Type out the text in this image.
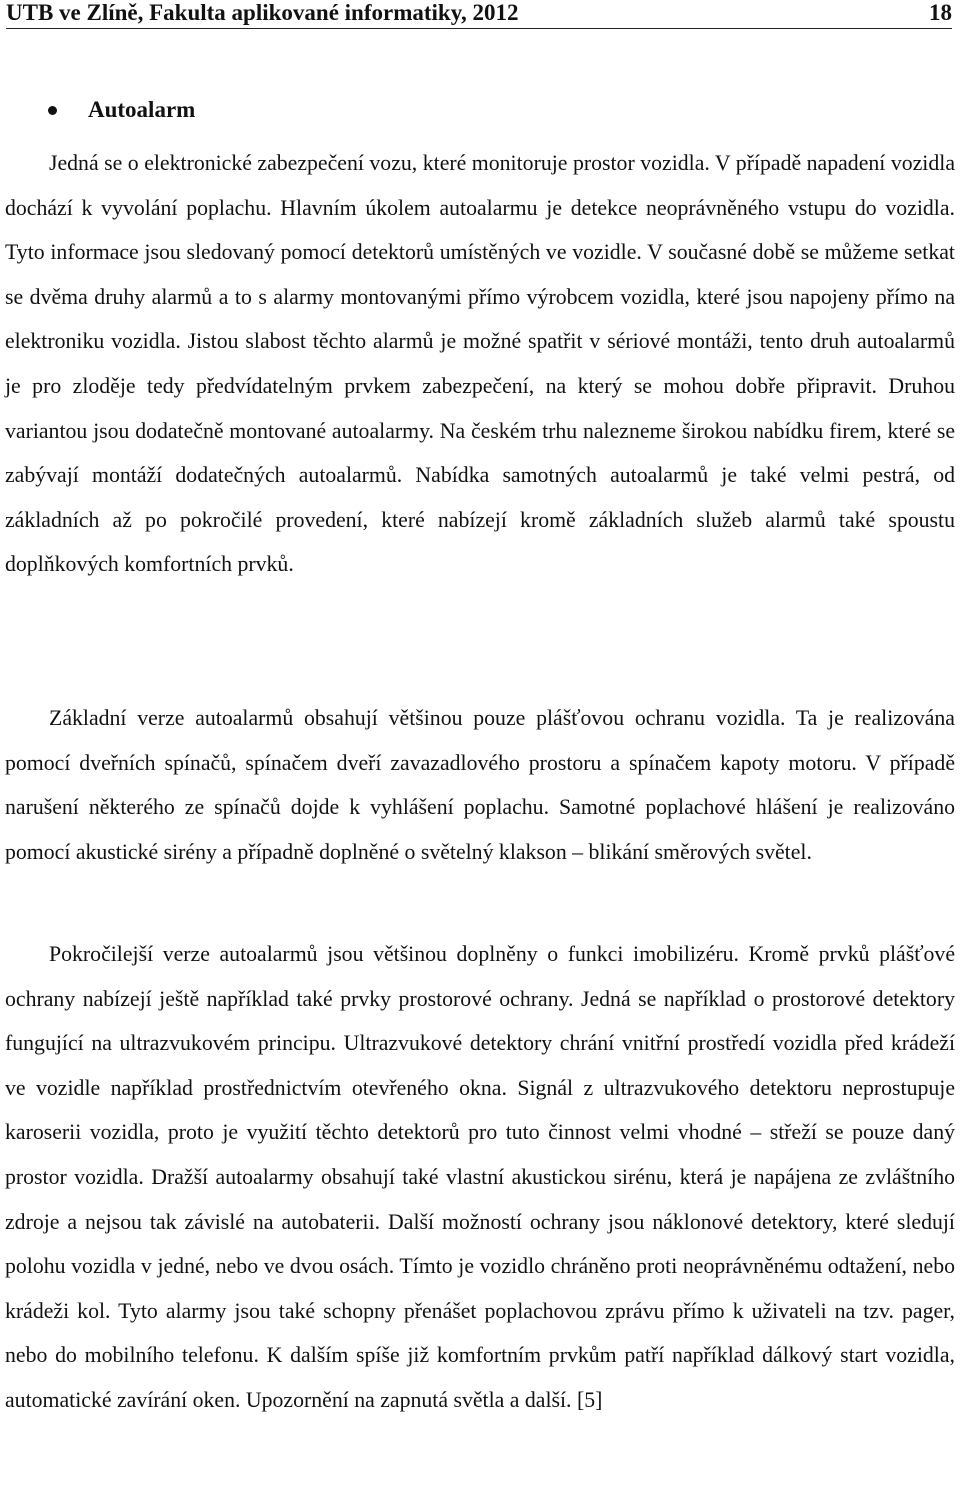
UTB ve Zlíně, Fakulta aplikované informatiky, 2012	18
Autoalarm

Jedná se o elektronické zabezpečení vozu, které monitoruje prostor vozidla. V případě napadení vozidla dochází k vyvolání poplachu. Hlavním úkolem autoalarmu je detekce neoprávněného vstupu do vozidla. Tyto informace jsou sledovaný pomocí detektorů umístěných ve vozidle. V současné době se můžeme setkat se dvěma druhy alarmů a to s alarmy montovanými přímo výrobcem vozidla, které jsou napojeny přímo na elektroniku vozidla. Jistou slabost těchto alarmů je možné spatřit v sériové montáži, tento druh autoalarmů je pro zloděje tedy předvídatelným prvkem zabezpečení, na který se mohou dobře připravit. Druhou variantou jsou dodatečně montované autoalarmy. Na českém trhu nalezneme širokou nabídku firem, které se zabývají montáží dodatečných autoalarmů. Nabídka samotných autoalarmů je také velmi pestrá, od základních až po pokročilé provedení, které nabízejí kromě základních služeb alarmů také spoustu doplňkových komfortních prvků.

Základní verze autoalarmů obsahují většinou pouze plášťovou ochranu vozidla. Ta je realizována pomocí dveřních spínačů, spínačem dveří zavazadlového prostoru a spínačem kapoty motoru. V případě narušení některého ze spínačů dojde k vyhlášení poplachu. Samotné poplachové hlášení je realizováno pomocí akustické sirény a případně doplněné o světelný klakson – blikání směrových světel.

Pokročilejší verze autoalarmů jsou většinou doplněny o funkci imobilizéru. Kromě prvků plášťové ochrany nabízejí ještě například také prvky prostorové ochrany. Jedná se například o prostorové detektory fungující na ultrazvukovém principu. Ultrazvukové detektory chrání vnitřní prostředí vozidla před krádeží ve vozidle například prostřednictvím otevřeného okna. Signál z ultrazvukového detektoru neprostupuje karoserii vozidla, proto je využití těchto detektorů pro tuto činnost velmi vhodné – střeží se pouze daný prostor vozidla. Dražší autoalarmy obsahují také vlastní akustickou sirénu, která je napájena ze zvláštního zdroje a nejsou tak závislé na autobaterii. Další možností ochrany jsou náklonové detektory, které sledují polohu vozidla v jedné, nebo ve dvou osách. Tímto je vozidlo chráněno proti neoprávněnému odtažení, nebo krádeži kol. Tyto alarmy jsou také schopny přenášet poplachovou zprávu přímo k uživateli na tzv. pager, nebo do mobilního telefonu. K dalším spíše již komfortním prvkům patří například dálkový start vozidla, automatické zavírání oken. Upozornění na zapnutá světla a další. [5]
